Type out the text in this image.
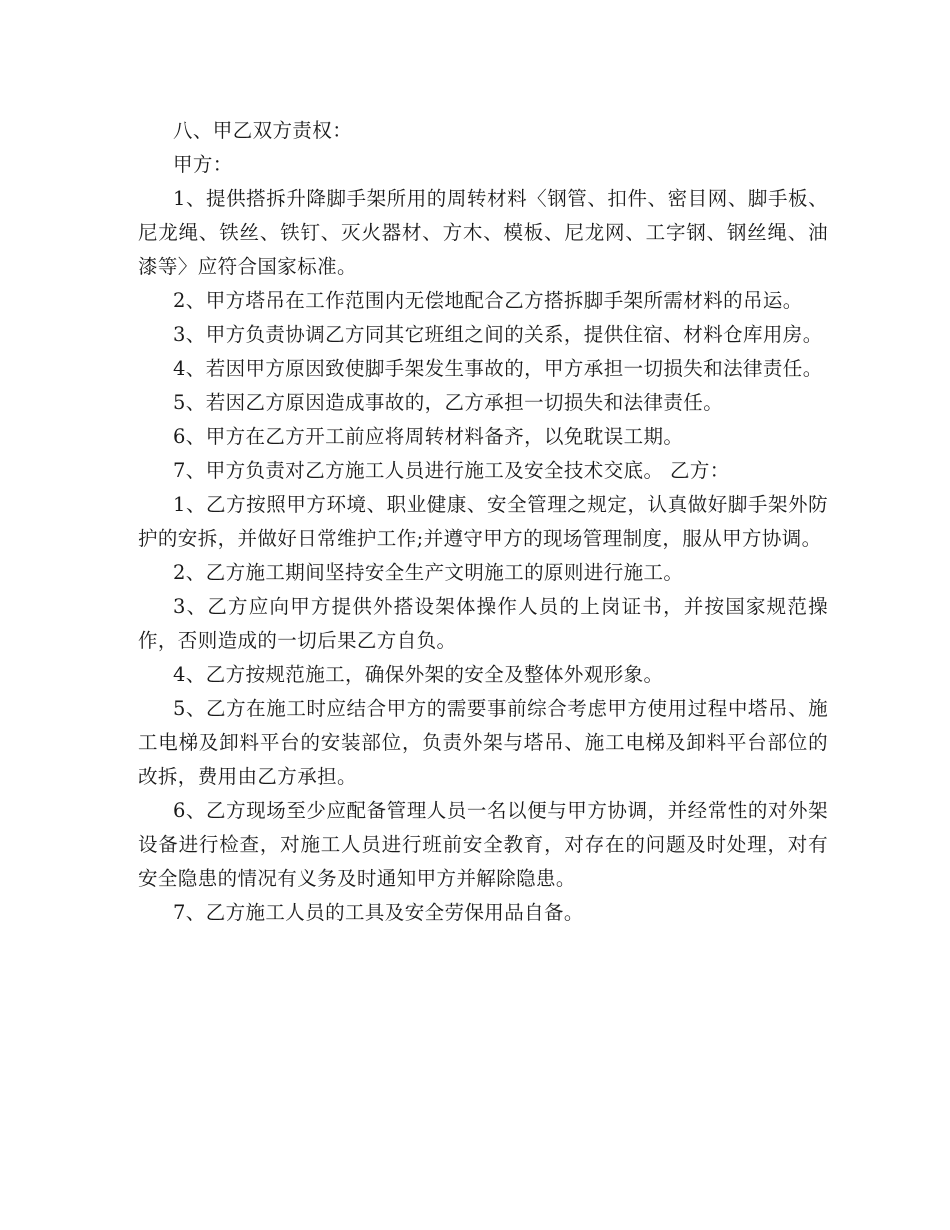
八、甲乙双方责权：

甲方：

1、提供搭拆升降脚手架所用的周转材料〈钢管、扣件、密目网、脚手板、尼龙绳、铁丝、铁钉、灭火器材、方木、模板、尼龙网、工字钢、钢丝绳、油漆等〉应符合国家标准。

2、甲方塔吊在工作范围内无偿地配合乙方搭拆脚手架所需材料的吊运。

3、甲方负责协调乙方同其它班组之间的关系，提供住宿、材料仓库用房。

4、若因甲方原因致使脚手架发生事故的，甲方承担一切损失和法律责任。

5、若因乙方原因造成事故的，乙方承担一切损失和法律责任。

6、甲方在乙方开工前应将周转材料备齐，以免耽误工期。

7、甲方负责对乙方施工人员进行施工及安全技术交底。 乙方：

1、乙方按照甲方环境、职业健康、安全管理之规定，认真做好脚手架外防护的安拆，并做好日常维护工作;并遵守甲方的现场管理制度，服从甲方协调。

2、乙方施工期间坚持安全生产文明施工的原则进行施工。

3、乙方应向甲方提供外搭设架体操作人员的上岗证书，并按国家规范操作，否则造成的一切后果乙方自负。

4、乙方按规范施工，确保外架的安全及整体外观形象。

5、乙方在施工时应结合甲方的需要事前综合考虑甲方使用过程中塔吊、施工电梯及卸料平台的安装部位，负责外架与塔吊、施工电梯及卸料平台部位的改拆，费用由乙方承担。

6、乙方现场至少应配备管理人员一名以便与甲方协调，并经常性的对外架设备进行检查，对施工人员进行班前安全教育，对存在的问题及时处理，对有安全隐患的情况有义务及时通知甲方并解除隐患。

7、乙方施工人员的工具及安全劳保用品自备。
